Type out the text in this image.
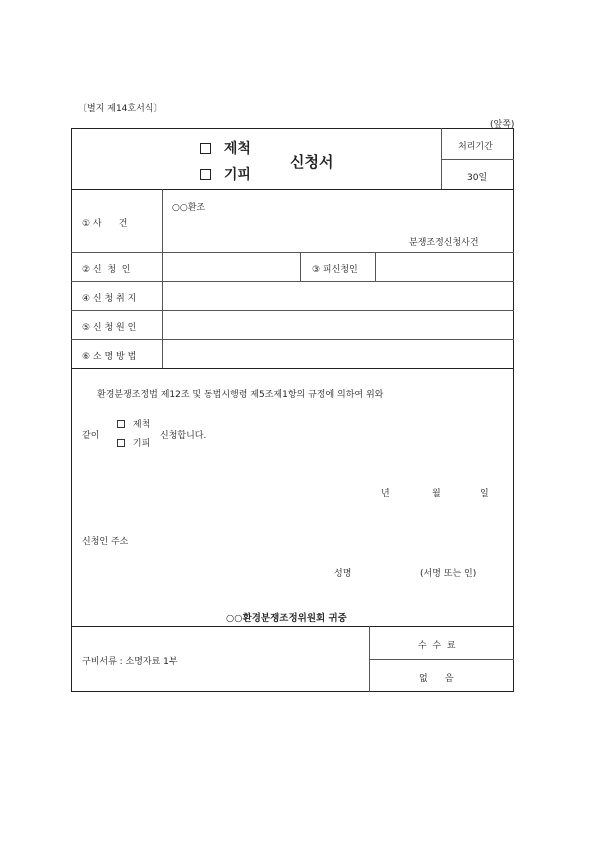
〔별지 제14호서식〕
(앞쪽)
제척
기피
신청서
처리기간
30일
① 사      건
○○환조
분쟁조정신청사건
② 신  청  인	③ 피신청인
④ 신 청 취 지
⑤ 신 청 원 인
⑥ 소 명 방 법
환경분쟁조정법 제12조 및 동법시행령 제5조제1항의 규정에 의하여 위와
같이
제척
기피
신청합니다.
년	월	일
신청인 주소
성명	(서명 또는 인)
○○환경분쟁조정위원회 귀중
구비서류 : 소명자료 1부
수  수  료
없      음
